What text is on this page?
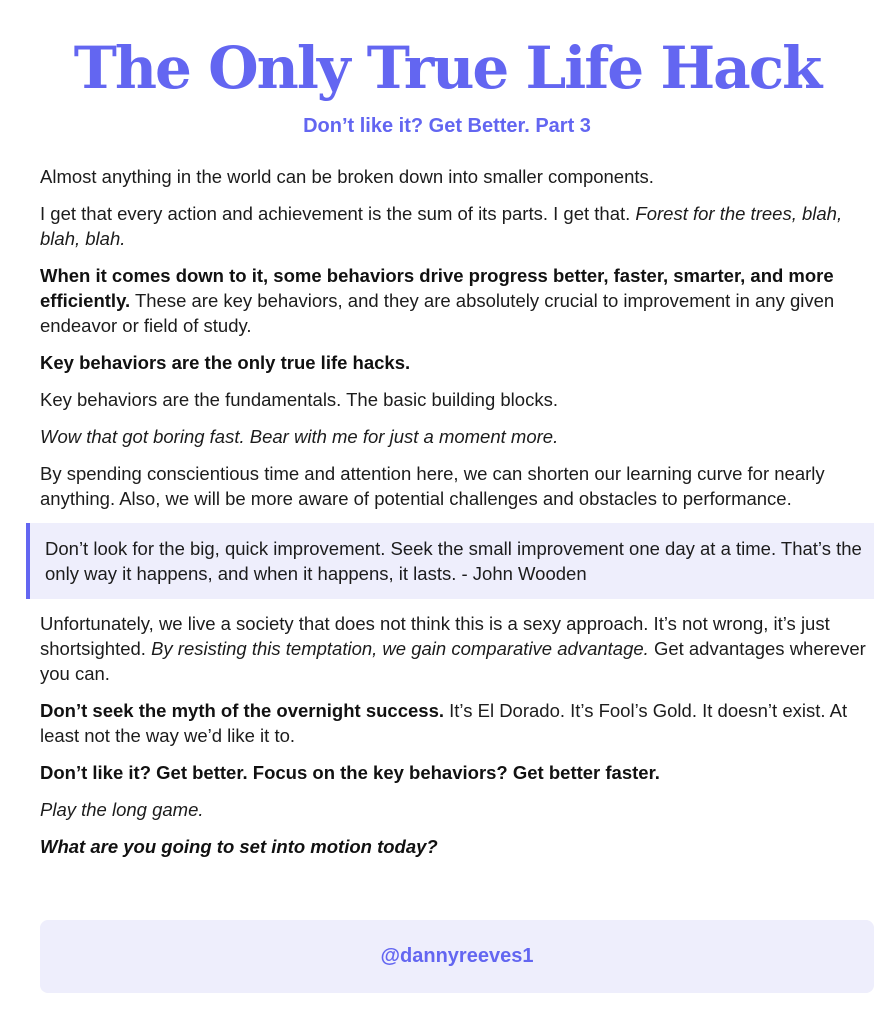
The Only True Life Hack
Don’t like it? Get Better. Part 3

Almost anything in the world can be broken down into smaller components.

I get that every action and achievement is the sum of its parts. I get that. Forest for the trees, blah, blah, blah.

When it comes down to it, some behaviors drive progress better, faster, smarter, and more efficiently. These are key behaviors, and they are absolutely crucial to improvement in any given endeavor or field of study.

Key behaviors are the only true life hacks.

Key behaviors are the fundamentals. The basic building blocks.

Wow that got boring fast. Bear with me for just a moment more.

By spending conscientious time and attention here, we can shorten our learning curve for nearly anything. Also, we will be more aware of potential challenges and obstacles to performance.

Don’t look for the big, quick improvement. Seek the small improvement one day at a time. That’s the only way it happens, and when it happens, it lasts. - John Wooden

Unfortunately, we live a society that does not think this is a sexy approach. It’s not wrong, it’s just shortsighted. By resisting this temptation, we gain comparative advantage. Get advantages wherever you can.

Don’t seek the myth of the overnight success. It’s El Dorado. It’s Fool’s Gold. It doesn’t exist. At least not the way we’d like it to.

Don’t like it? Get better. Focus on the key behaviors? Get better faster.

Play the long game.

What are you going to set into motion today?

@dannyreeves1
